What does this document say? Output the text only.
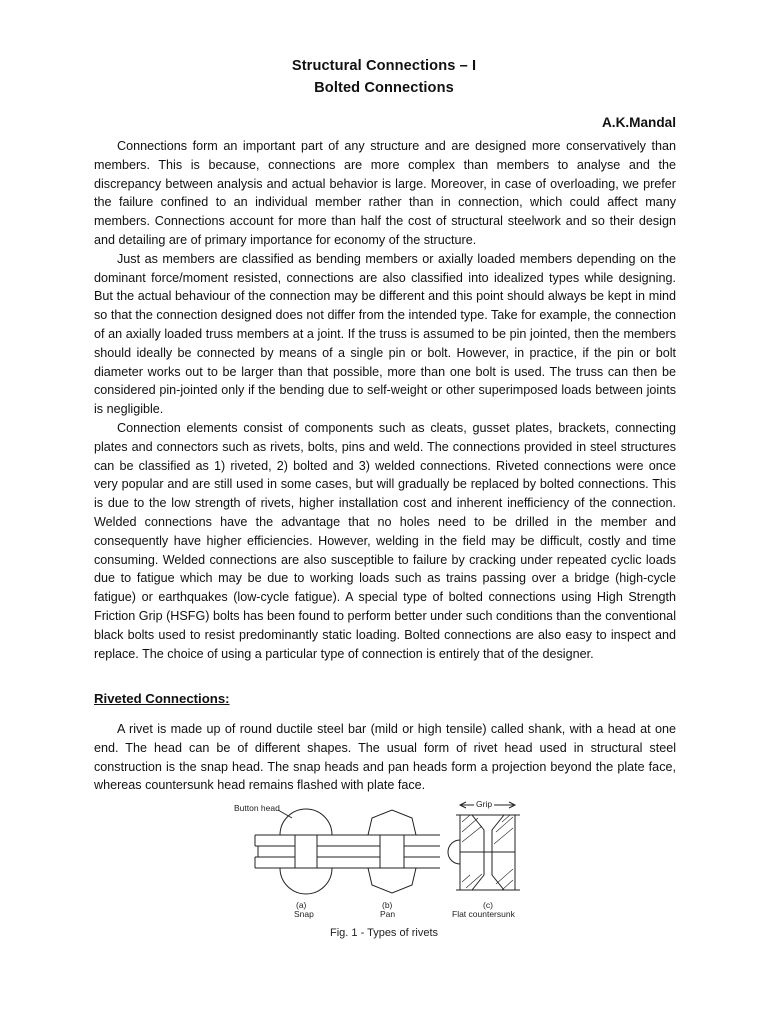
Structural Connections – I
Bolted Connections
A.K.Mandal

Connections form an important part of any structure and are designed more conservatively than members. This is because, connections are more complex than members to analyse and the discrepancy between analysis and actual behavior is large. Moreover, in case of overloading, we prefer the failure confined to an individual member rather than in connection, which could affect many members. Connections account for more than half the cost of structural steelwork and so their design and detailing are of primary importance for economy of the structure.

Just as members are classified as bending members or axially loaded members depending on the dominant force/moment resisted, connections are also classified into idealized types while designing. But the actual behaviour of the connection may be different and this point should always be kept in mind so that the connection designed does not differ from the intended type. Take for example, the connection of an axially loaded truss members at a joint. If the truss is assumed to be pin jointed, then the members should ideally be connected by means of a single pin or bolt. However, in practice, if the pin or bolt diameter works out to be larger than that possible, more than one bolt is used. The truss can then be considered pin-jointed only if the bending due to self-weight or other superimposed loads between joints is negligible.

Connection elements consist of components such as cleats, gusset plates, brackets, connecting plates and connectors such as rivets, bolts, pins and weld. The connections provided in steel structures can be classified as 1) riveted, 2) bolted and 3) welded connections. Riveted connections were once very popular and are still used in some cases, but will gradually be replaced by bolted connections. This is due to the low strength of rivets, higher installation cost and inherent inefficiency of the connection. Welded connections have the advantage that no holes need to be drilled in the member and consequently have higher efficiencies. However, welding in the field may be difficult, costly and time consuming. Welded connections are also susceptible to failure by cracking under repeated cyclic loads due to fatigue which may be due to working loads such as trains passing over a bridge (high-cycle fatigue) or earthquakes (low-cycle fatigue). A special type of bolted connections using High Strength Friction Grip (HSFG) bolts has been found to perform better under such conditions than the conventional black bolts used to resist predominantly static loading. Bolted connections are also easy to inspect and replace. The choice of using a particular type of connection is entirely that of the designer.

Riveted Connections:

A rivet is made up of round ductile steel bar (mild or high tensile) called shank, with a head at one end. The head can be of different shapes. The usual form of rivet head used in structural steel construction is the snap head. The snap heads and pan heads form a projection beyond the plate face, whereas countersunk head remains flashed with plate face.

Button head	Grip
(a)
Snap
(b)
Pan
(c)
Flat countersunk
Fig. 1 - Types of rivets
